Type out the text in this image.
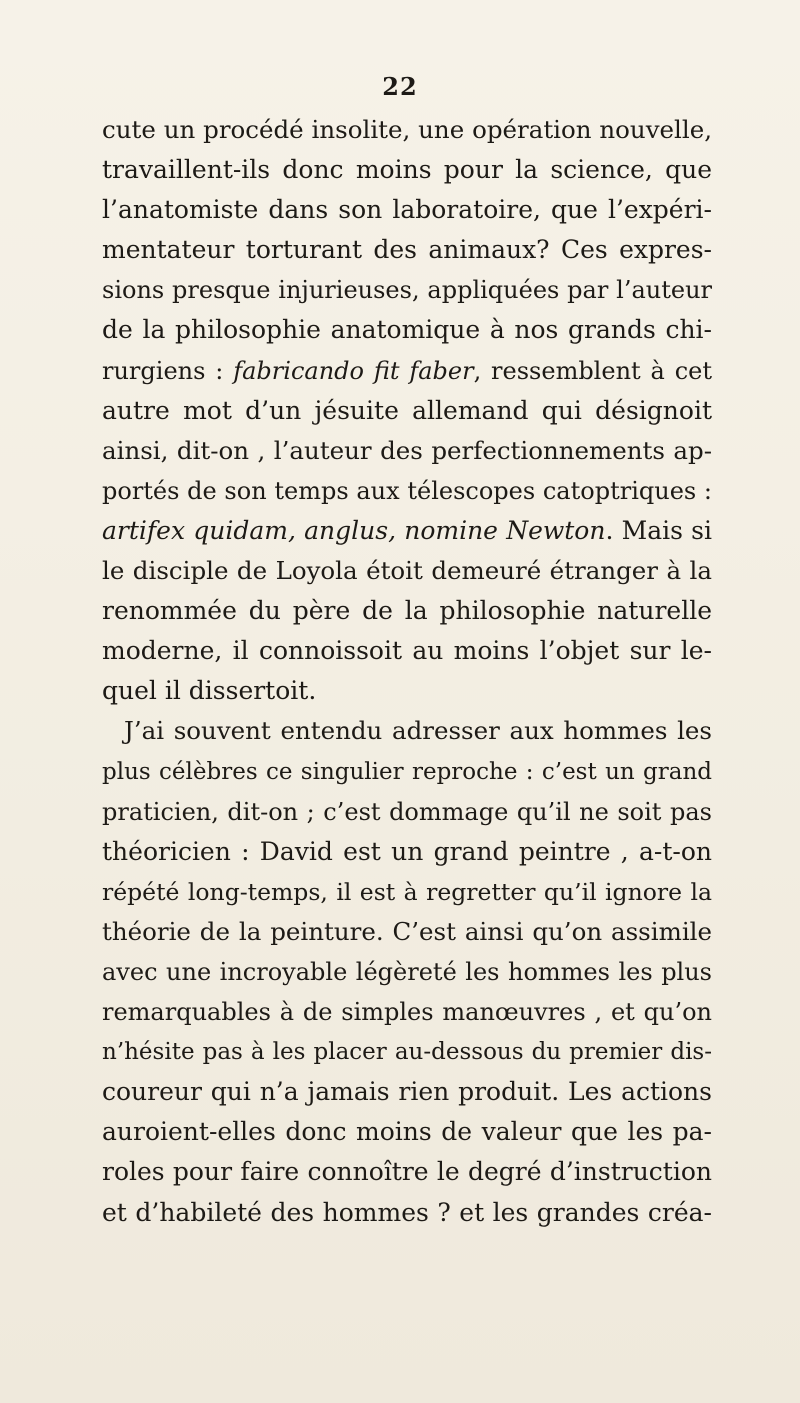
22
cute un procédé insolite, une opération nouvelle,
travaillent-ils donc moins pour la science, que
l’anatomiste dans son laboratoire, que l’expéri-
mentateur torturant des animaux? Ces expres-
sions presque injurieuses, appliquées par l’auteur
de la philosophie anatomique à nos grands chi-
rurgiens : fabricando fit faber, ressemblent à cet
autre mot d’un jésuite allemand qui désignoit
ainsi, dit-on , l’auteur des perfectionnements ap-
portés de son temps aux télescopes catoptriques :
artifex quidam, anglus, nomine Newton. Mais si
le disciple de Loyola étoit demeuré étranger à la
renommée du père de la philosophie naturelle
moderne, il connoissoit au moins l’objet sur le-
quel il dissertoit.
J’ai souvent entendu adresser aux hommes les
plus célèbres ce singulier reproche : c’est un grand
praticien, dit-on ; c’est dommage qu’il ne soit pas
théoricien : David est un grand peintre , a-t-on
répété long-temps, il est à regretter qu’il ignore la
théorie de la peinture. C’est ainsi qu’on assimile
avec une incroyable légèreté les hommes les plus
remarquables à de simples manœuvres , et qu’on
n’hésite pas à les placer au-dessous du premier dis-
coureur qui n’a jamais rien produit. Les actions
auroient-elles donc moins de valeur que les pa-
roles pour faire connoître le degré d’instruction
et d’habileté des hommes ? et les grandes créa-
